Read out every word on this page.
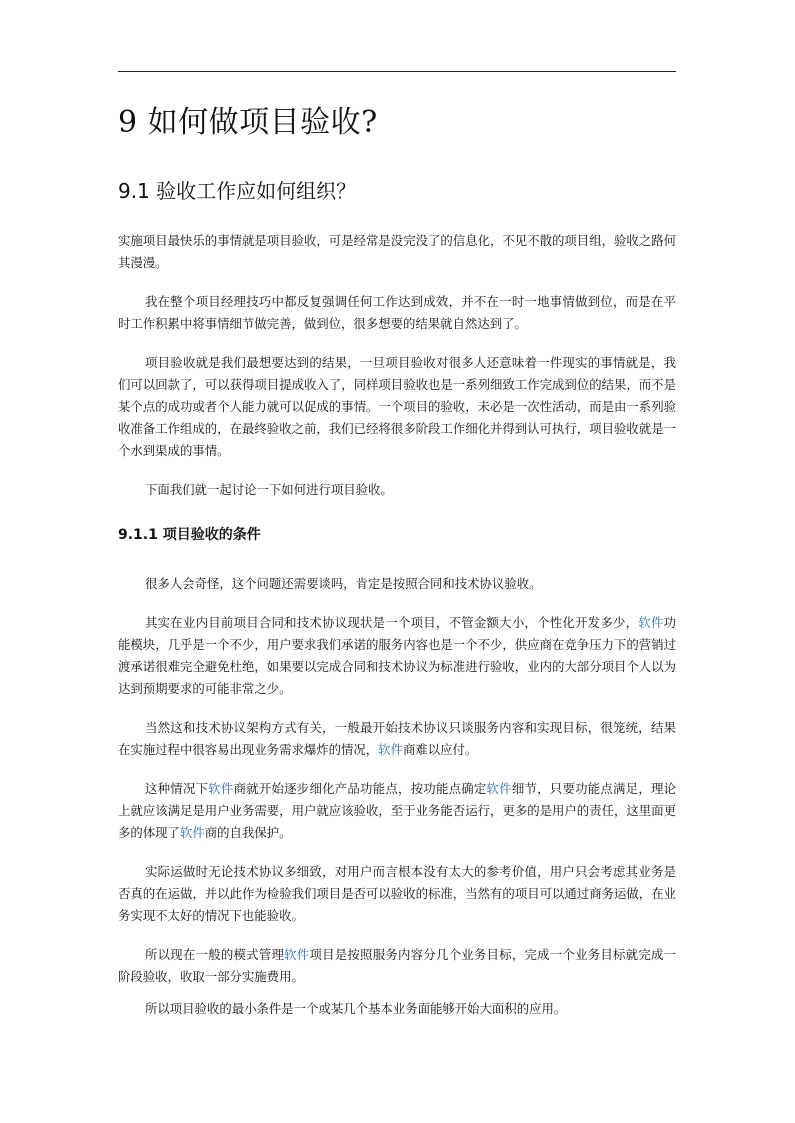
9 如何做项目验收?
9.1 验收工作应如何组织？

实施项目最快乐的事情就是项目验收，可是经常是没完没了的信息化，不见不散的项目组，验收之路何其漫漫。

我在整个项目经理技巧中都反复强调任何工作达到成效，并不在一时一地事情做到位，而是在平时工作积累中将事情细节做完善，做到位，很多想要的结果就自然达到了。

项目验收就是我们最想要达到的结果，一旦项目验收对很多人还意味着一件现实的事情就是，我们可以回款了，可以获得项目提成收入了，同样项目验收也是一系列细致工作完成到位的结果，而不是某个点的成功或者个人能力就可以促成的事情。一个项目的验收，未必是一次性活动，而是由一系列验收准备工作组成的，在最终验收之前，我们已经将很多阶段工作细化并得到认可执行，项目验收就是一个水到渠成的事情。

下面我们就一起讨论一下如何进行项目验收。

9.1.1 项目验收的条件

很多人会奇怪，这个问题还需要谈吗，肯定是按照合同和技术协议验收。

其实在业内目前项目合同和技术协议现状是一个项目，不管金额大小，个性化开发多少，软件功能模块，几乎是一个不少，用户要求我们承诺的服务内容也是一个不少，供应商在竞争压力下的营销过渡承诺很难完全避免杜绝，如果要以完成合同和技术协议为标准进行验收，业内的大部分项目个人以为达到预期要求的可能非常之少。

当然这和技术协议架构方式有关，一般最开始技术协议只谈服务内容和实现目标，很笼统，结果在实施过程中很容易出现业务需求爆炸的情况，软件商难以应付。

这种情况下软件商就开始逐步细化产品功能点，按功能点确定软件细节，只要功能点满足，理论上就应该满足是用户业务需要，用户就应该验收，至于业务能否运行，更多的是用户的责任，这里面更多的体现了软件商的自我保护。

实际运做时无论技术协议多细致，对用户而言根本没有太大的参考价值，用户只会考虑其业务是否真的在运做，并以此作为检验我们项目是否可以验收的标准，当然有的项目可以通过商务运做，在业务实现不太好的情况下也能验收。

所以现在一般的模式管理软件项目是按照服务内容分几个业务目标，完成一个业务目标就完成一阶段验收，收取一部分实施费用。

所以项目验收的最小条件是一个或某几个基本业务面能够开始大面积的应用。
